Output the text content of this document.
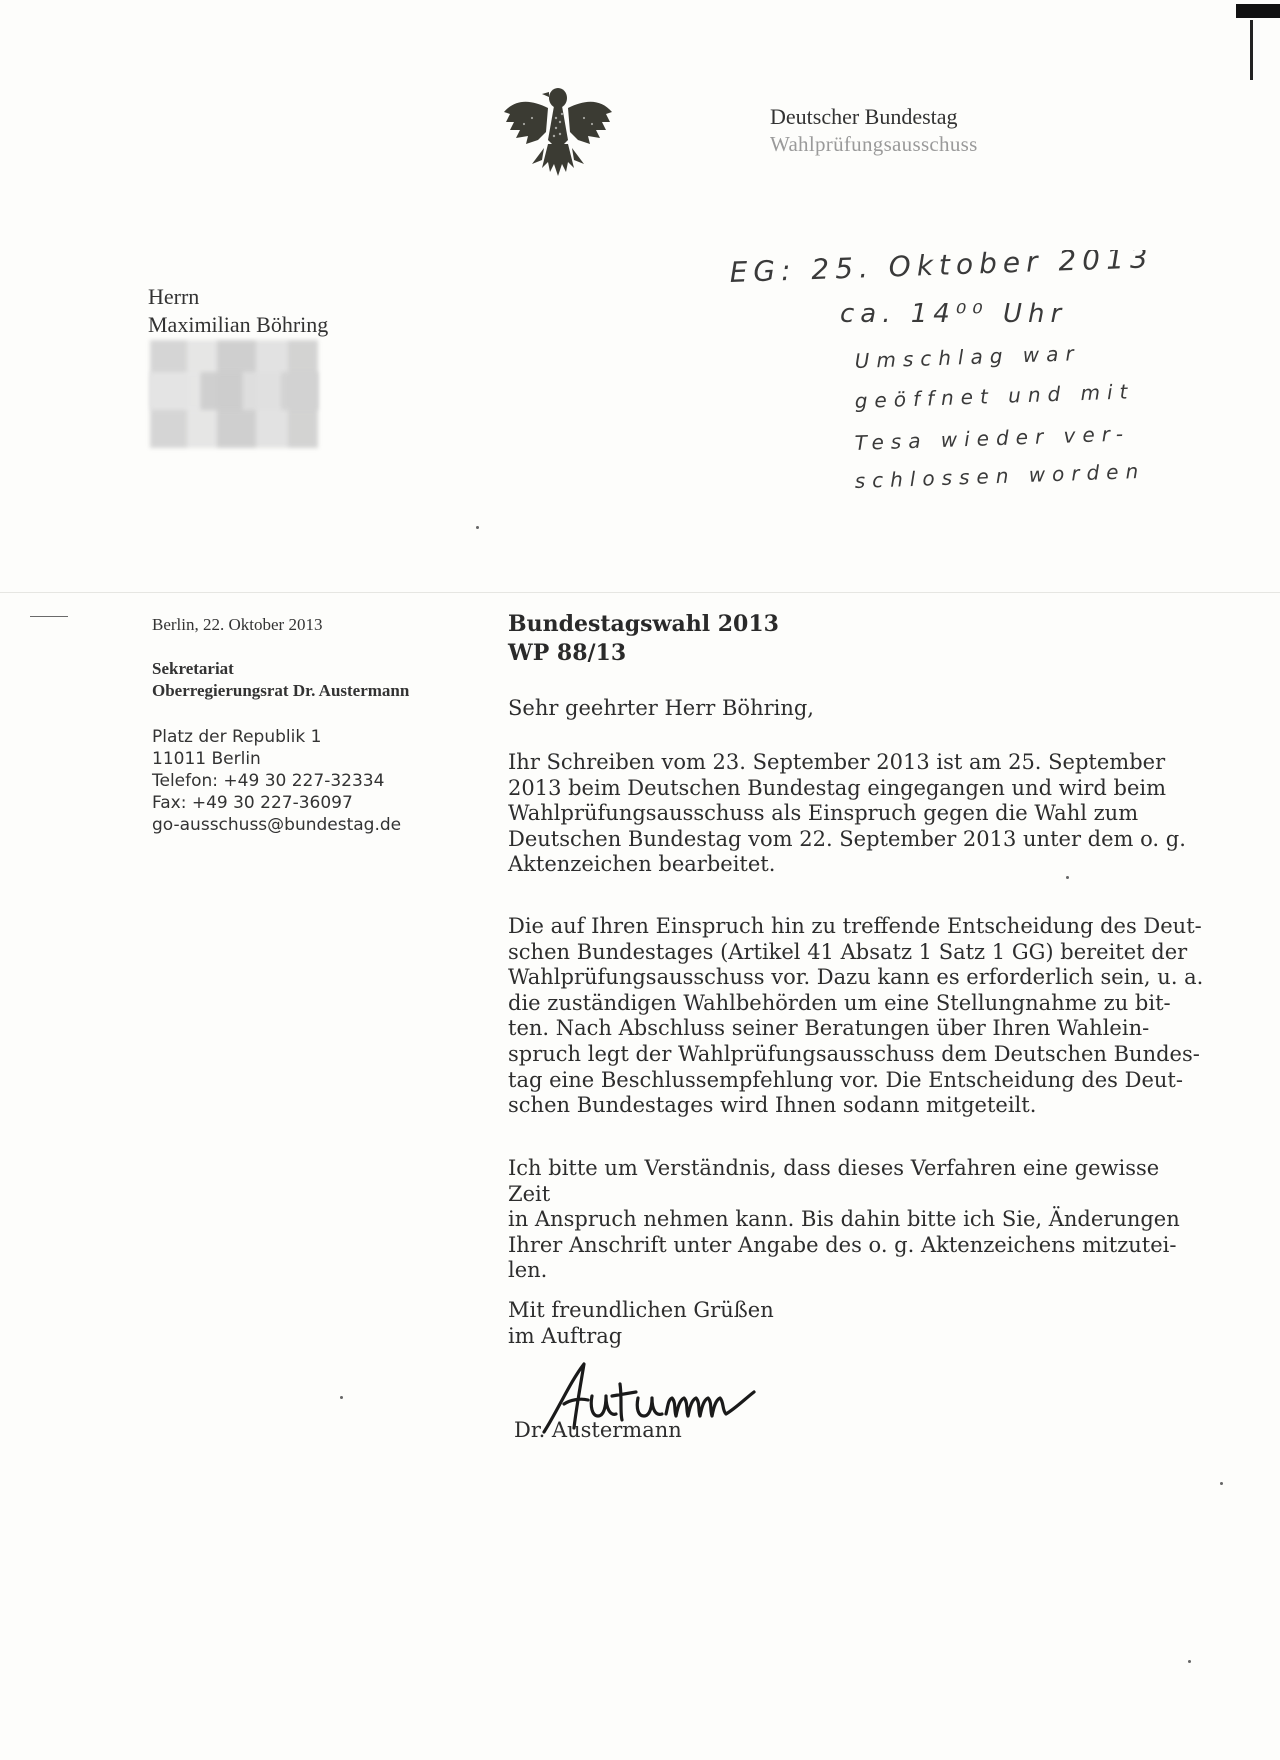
Deutscher Bundestag
Wahlprüfungsausschuss
Herrn
Maximilian Böhring
EG: 25. Oktober 2013
ca. 14⁰⁰ Uhr
Umschlag war
geöffnet und mit
Tesa wieder ver-
schlossen worden
Berlin, 22. Oktober 2013
Sekretariat
Oberregierungsrat Dr. Austermann
Platz der Republik 1
11011 Berlin
Telefon: +49 30 227-32334
Fax: +49 30 227-36097
go-ausschuss@bundestag.de
Bundestagswahl 2013
WP 88/13
Sehr geehrter Herr Böhring,

Ihr Schreiben vom 23. September 2013 ist am 25. September

2013 beim Deutschen Bundestag eingegangen und wird beim

Wahlprüfungsausschuss als Einspruch gegen die Wahl zum

Deutschen Bundestag vom 22. September 2013 unter dem o. g.

Aktenzeichen bearbeitet.

Die auf Ihren Einspruch hin zu treffende Entscheidung des Deut-

schen Bundestages (Artikel 41 Absatz 1 Satz 1 GG) bereitet der

Wahlprüfungsausschuss vor. Dazu kann es erforderlich sein, u. a.

die zuständigen Wahlbehörden um eine Stellungnahme zu bit-

ten. Nach Abschluss seiner Beratungen über Ihren Wahlein-

spruch legt der Wahlprüfungsausschuss dem Deutschen Bundes-

tag eine Beschlussempfehlung vor. Die Entscheidung des Deut-

schen Bundestages wird Ihnen sodann mitgeteilt.

Ich bitte um Verständnis, dass dieses Verfahren eine gewisse Zeit

in Anspruch nehmen kann. Bis dahin bitte ich Sie, Änderungen

Ihrer Anschrift unter Angabe des o. g. Aktenzeichens mitzutei-

len.

Mit freundlichen Grüßen

im Auftrag

Dr. Austermann
